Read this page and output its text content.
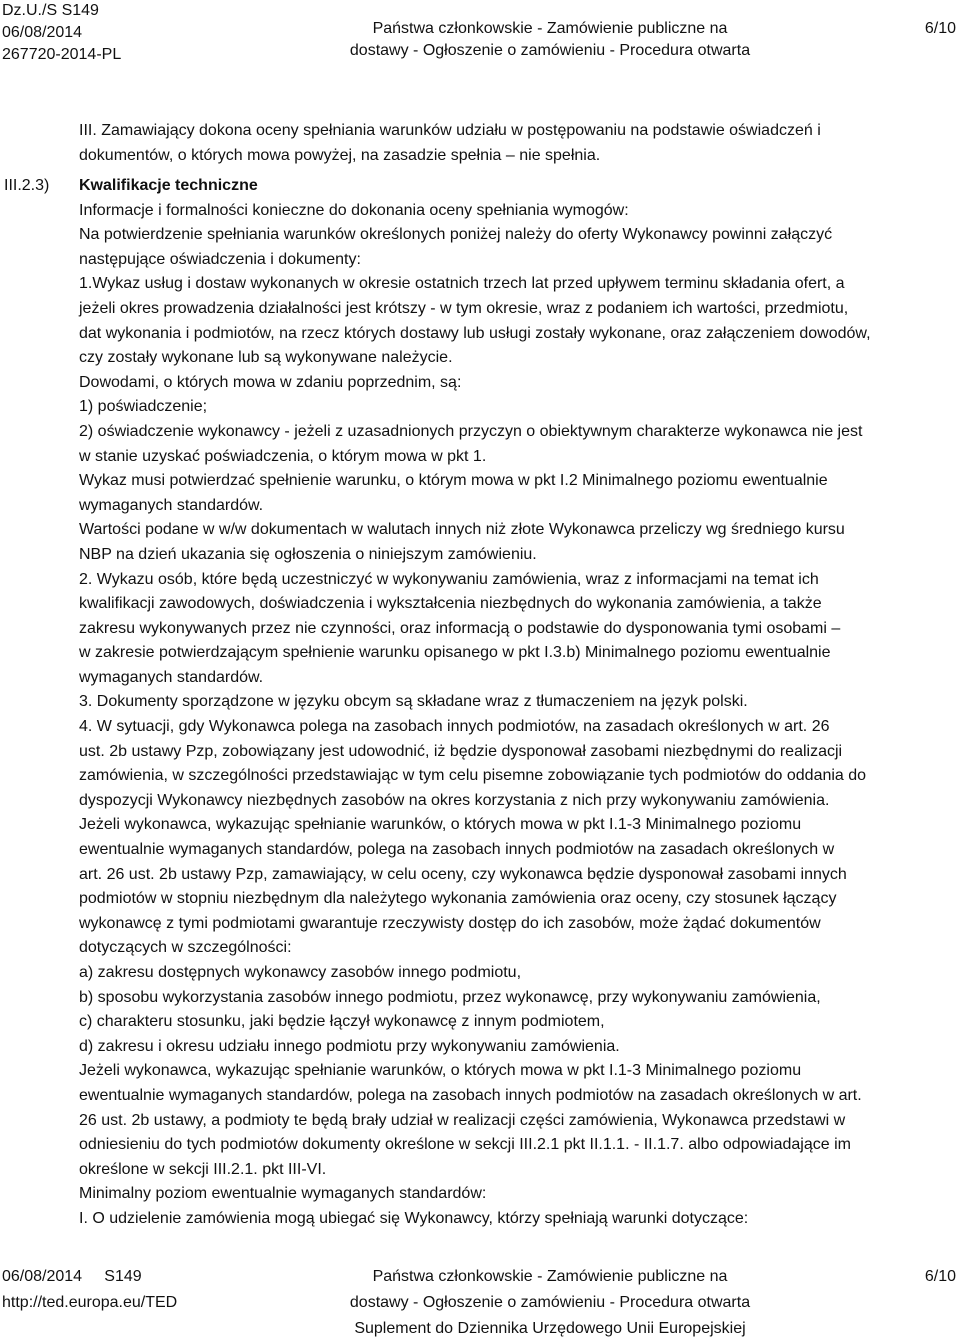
Dz.U./S S149
06/08/2014
267720-2014-PL
Państwa członkowskie - Zamówienie publiczne na
dostawy - Ogłoszenie o zamówieniu - Procedura otwarta
6/10
III. Zamawiający dokona oceny spełniania warunków udziału w postępowaniu na podstawie oświadczeń i
dokumentów, o których mowa powyżej, na zasadzie spełnia – nie spełnia.
III.2.3) Kwalifikacje techniczne
Informacje i formalności konieczne do dokonania oceny spełniania wymogów:
Na potwierdzenie spełniania warunków określonych poniżej należy do oferty Wykonawcy powinni załączyć
następujące oświadczenia i dokumenty:
1.Wykaz usług i dostaw wykonanych w okresie ostatnich trzech lat przed upływem terminu składania ofert, a
jeżeli okres prowadzenia działalności jest krótszy - w tym okresie, wraz z podaniem ich wartości, przedmiotu,
dat wykonania i podmiotów, na rzecz których dostawy lub usługi zostały wykonane, oraz załączeniem dowodów,
czy zostały wykonane lub są wykonywane należycie.
Dowodami, o których mowa w zdaniu poprzednim, są:
1) poświadczenie;
2) oświadczenie wykonawcy - jeżeli z uzasadnionych przyczyn o obiektywnym charakterze wykonawca nie jest
w stanie uzyskać poświadczenia, o którym mowa w pkt 1.
Wykaz musi potwierdzać spełnienie warunku, o którym mowa w pkt I.2 Minimalnego poziomu ewentualnie
wymaganych standardów.
Wartości podane w w/w dokumentach w walutach innych niż złote Wykonawca przeliczy wg średniego kursu
NBP na dzień ukazania się ogłoszenia o niniejszym zamówieniu.
2. Wykazu osób, które będą uczestniczyć w wykonywaniu zamówienia, wraz z informacjami na temat ich
kwalifikacji zawodowych, doświadczenia i wykształcenia niezbędnych do wykonania zamówienia, a także
zakresu wykonywanych przez nie czynności, oraz informacją o podstawie do dysponowania tymi osobami –
w zakresie potwierdzającym spełnienie warunku opisanego w pkt I.3.b) Minimalnego poziomu ewentualnie
wymaganych standardów.
3. Dokumenty sporządzone w języku obcym są składane wraz z tłumaczeniem na język polski.
4. W sytuacji, gdy Wykonawca polega na zasobach innych podmiotów, na zasadach określonych w art. 26
ust. 2b ustawy Pzp, zobowiązany jest udowodnić, iż będzie dysponował zasobami niezbędnymi do realizacji
zamówienia, w szczególności przedstawiając w tym celu pisemne zobowiązanie tych podmiotów do oddania do
dyspozycji Wykonawcy niezbędnych zasobów na okres korzystania z nich przy wykonywaniu zamówienia.
Jeżeli wykonawca, wykazując spełnianie warunków, o których mowa w pkt I.1-3 Minimalnego poziomu
ewentualnie wymaganych standardów, polega na zasobach innych podmiotów na zasadach określonych w
art. 26 ust. 2b ustawy Pzp, zamawiający, w celu oceny, czy wykonawca będzie dysponował zasobami innych
podmiotów w stopniu niezbędnym dla należytego wykonania zamówienia oraz oceny, czy stosunek łączący
wykonawcę z tymi podmiotami gwarantuje rzeczywisty dostęp do ich zasobów, może żądać dokumentów
dotyczących w szczególności:
a) zakresu dostępnych wykonawcy zasobów innego podmiotu,
b) sposobu wykorzystania zasobów innego podmiotu, przez wykonawcę, przy wykonywaniu zamówienia,
c) charakteru stosunku, jaki będzie łączył wykonawcę z innym podmiotem,
d) zakresu i okresu udziału innego podmiotu przy wykonywaniu zamówienia.
Jeżeli wykonawca, wykazując spełnianie warunków, o których mowa w pkt I.1-3 Minimalnego poziomu
ewentualnie wymaganych standardów, polega na zasobach innych podmiotów na zasadach określonych w art.
26 ust. 2b ustawy, a podmioty te będą brały udział w realizacji części zamówienia, Wykonawca przedstawi w
odniesieniu do tych podmiotów dokumenty określone w sekcji III.2.1 pkt II.1.1. - II.1.7. albo odpowiadające im
określone w sekcji III.2.1. pkt III-VI.
Minimalny poziom ewentualnie wymaganych standardów:
I. O udzielenie zamówienia mogą ubiegać się Wykonawcy, którzy spełniają warunki dotyczące:
06/08/2014     S149
http://ted.europa.eu/TED
Państwa członkowskie - Zamówienie publiczne na
dostawy - Ogłoszenie o zamówieniu - Procedura otwarta
Suplement do Dziennika Urzędowego Unii Europejskiej
6/10
